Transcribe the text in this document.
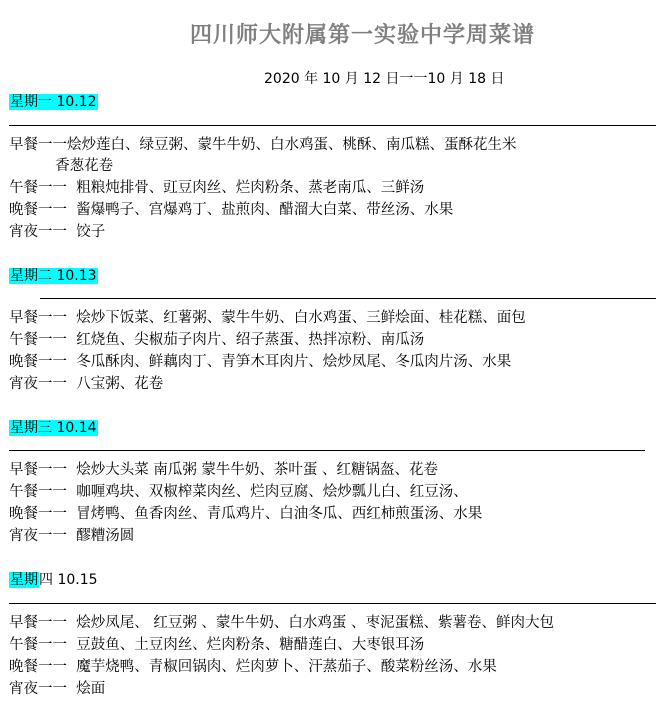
四川师大附属第一实验中学周菜谱
2020 年 10 月 12 日一一10 月 18 日
星期一 10.12
早餐一一烩炒莲白、绿豆粥、蒙牛牛奶、白水鸡蛋、桃酥、南瓜糕、蛋酥花生米
香葱花卷
午餐一一  粗粮炖排骨、豇豆肉丝、烂肉粉条、蒸老南瓜、三鲜汤
晚餐一一  酱爆鸭子、宫爆鸡丁、盐煎肉、醋溜大白菜、带丝汤、水果
宵夜一一  饺子
星期二 10.13
早餐一一  烩炒下饭菜、红薯粥、蒙牛牛奶、白水鸡蛋、三鲜烩面、桂花糕、面包
午餐一一  红烧鱼、尖椒茄子肉片、绍子蒸蛋、热拌凉粉、南瓜汤
晚餐一一  冬瓜酥肉、鲜藕肉丁、青笋木耳肉片、烩炒凤尾、冬瓜肉片汤、水果
宵夜一一  八宝粥、花卷
星期三 10.14
早餐一一  烩炒大头菜 南瓜粥 蒙牛牛奶、茶叶蛋 、红糖锅盔、花卷
午餐一一  咖喱鸡块、双椒榨菜肉丝、烂肉豆腐、烩炒瓢儿白、红豆汤、
晚餐一一  冒烤鸭、鱼香肉丝、青瓜鸡片、白油冬瓜、西红柿煎蛋汤、水果
宵夜一一  醪糟汤圆
星期四 10.15
早餐一一  烩炒凤尾、 红豆粥 、蒙牛牛奶、白水鸡蛋 、枣泥蛋糕、紫薯卷、鲜肉大包
午餐一一  豆鼓鱼、土豆肉丝、烂肉粉条、糖醋莲白、大枣银耳汤
晚餐一一  魔芋烧鸭、青椒回锅肉、烂肉萝卜、汗蒸茄子、酸菜粉丝汤、水果
宵夜一一  烩面
